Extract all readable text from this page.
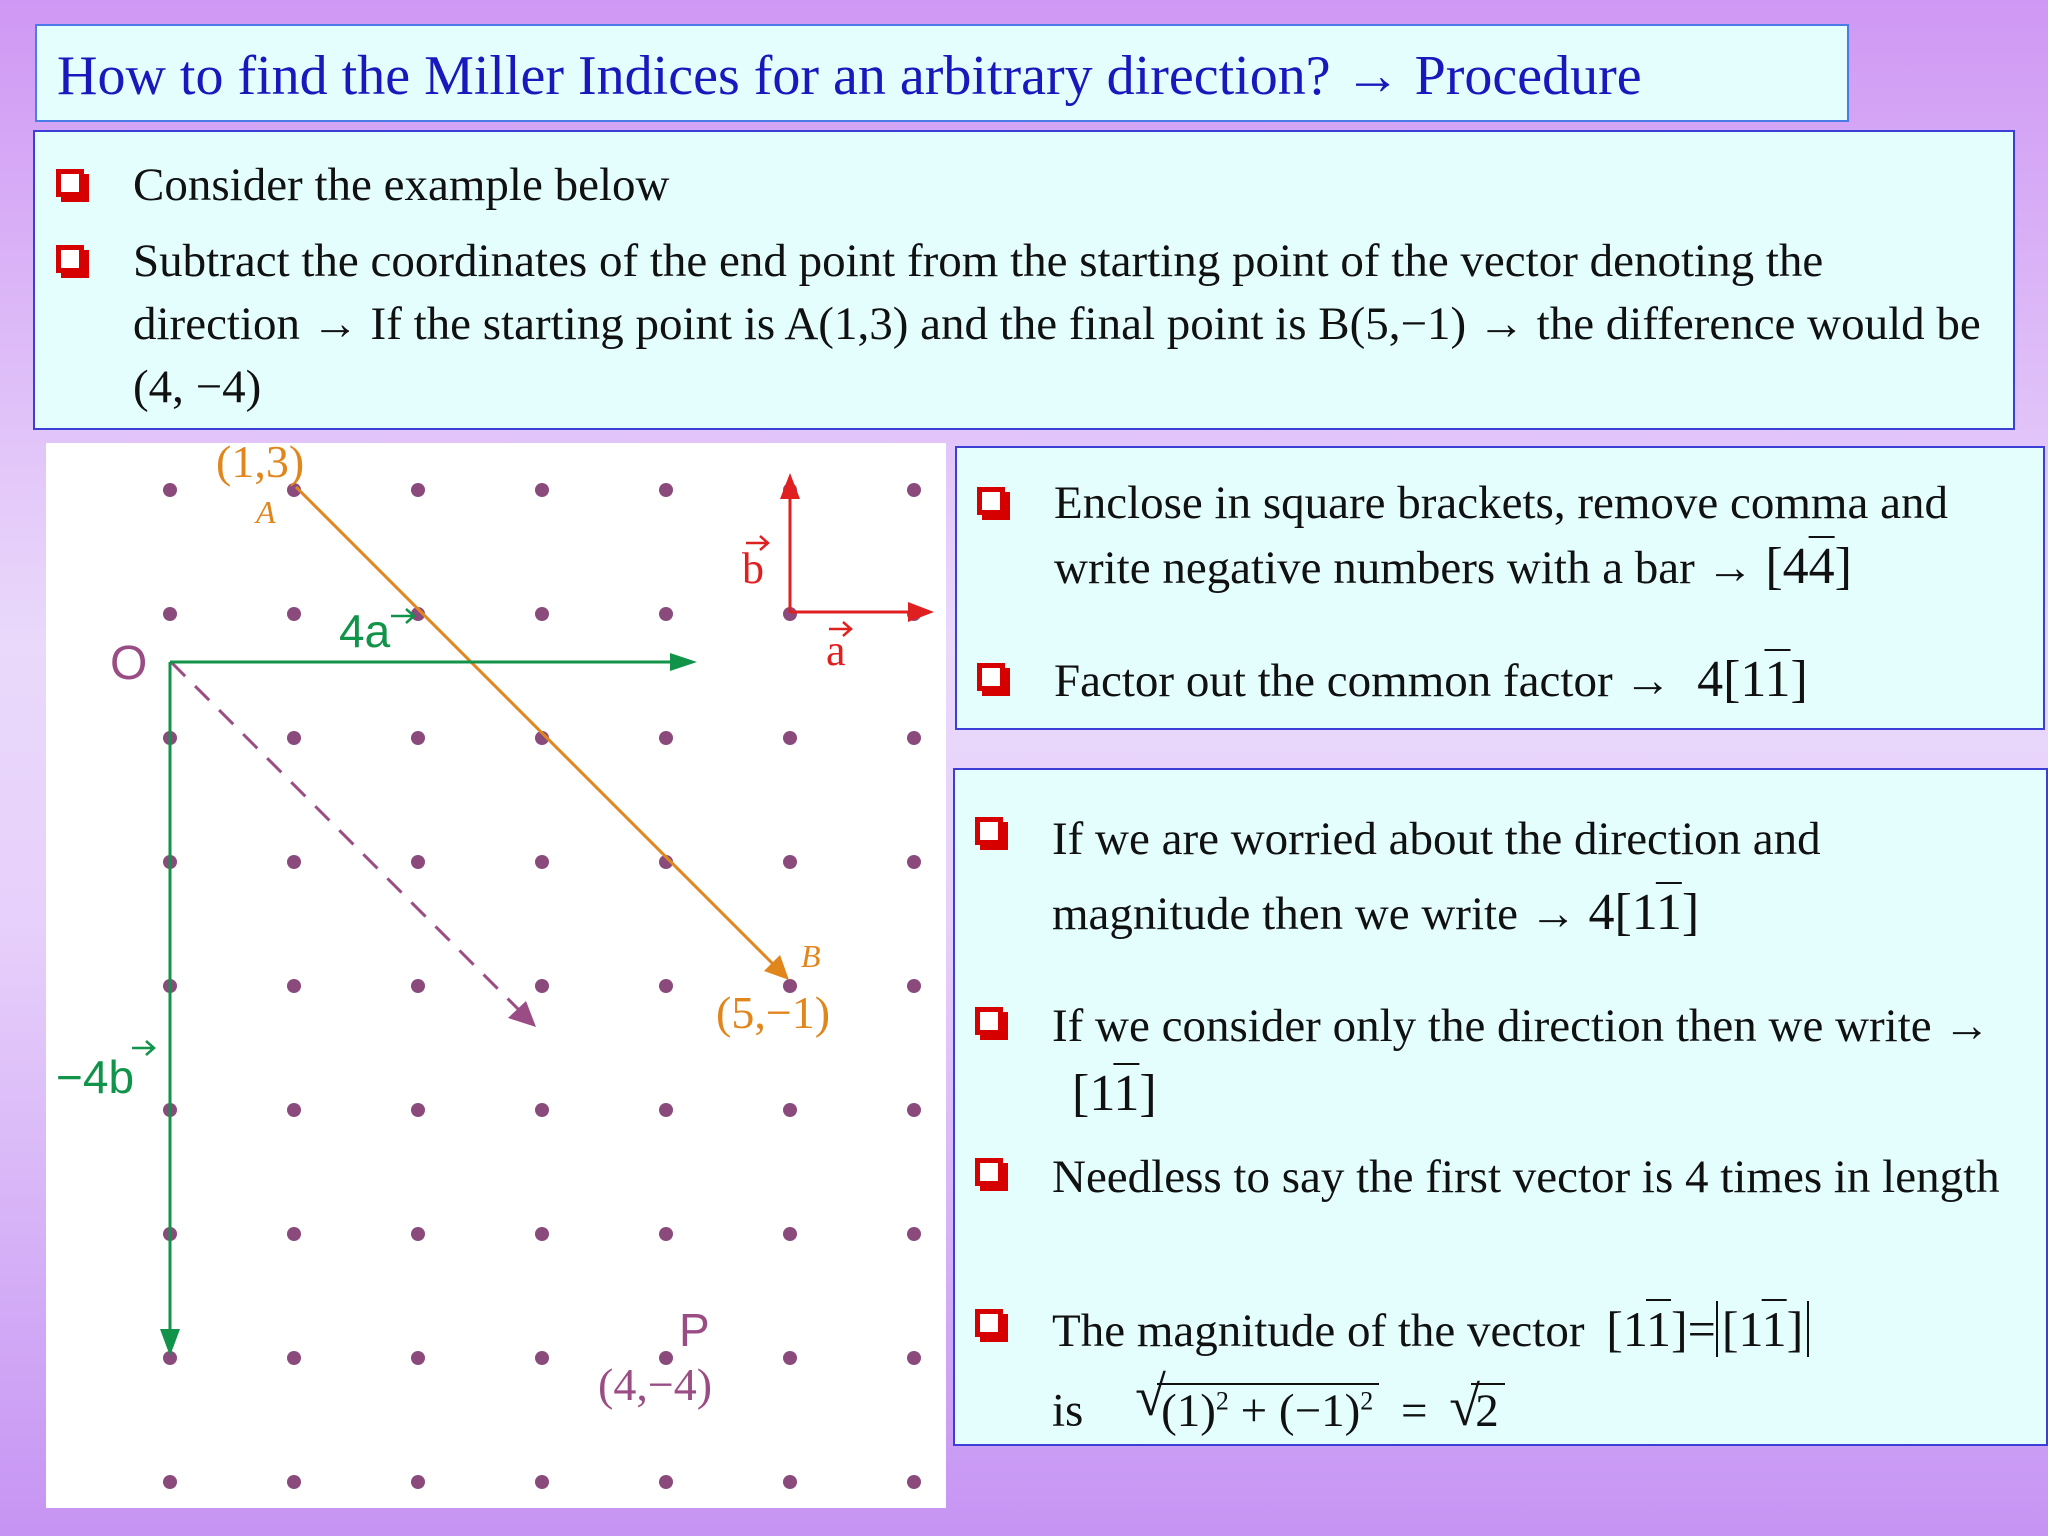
How to find the Miller Indices for an arbitrary direction? → Procedure
Consider the example below
Subtract the coordinates of the end point from the starting point of the vector denoting the direction → If the starting point is A(1,3) and the final point is B(5,−1) → the difference would be (4, −4)
(1,3)
A
B
(5,−1)
O
P
(4,−4)
4a
−4b
b
a
Enclose in square brackets, remove comma and write negative numbers with a bar → [44]
Factor out the common factor → 4[11]
If we are worried about the direction and magnitude then we write → 4[11]
If we consider only the direction then we write → [11]
Needless to say the first vector is 4 times in length
The magnitude of the vector [11]= [11]
is √ $(1)^2 + (-1)^2$ = √ 2
